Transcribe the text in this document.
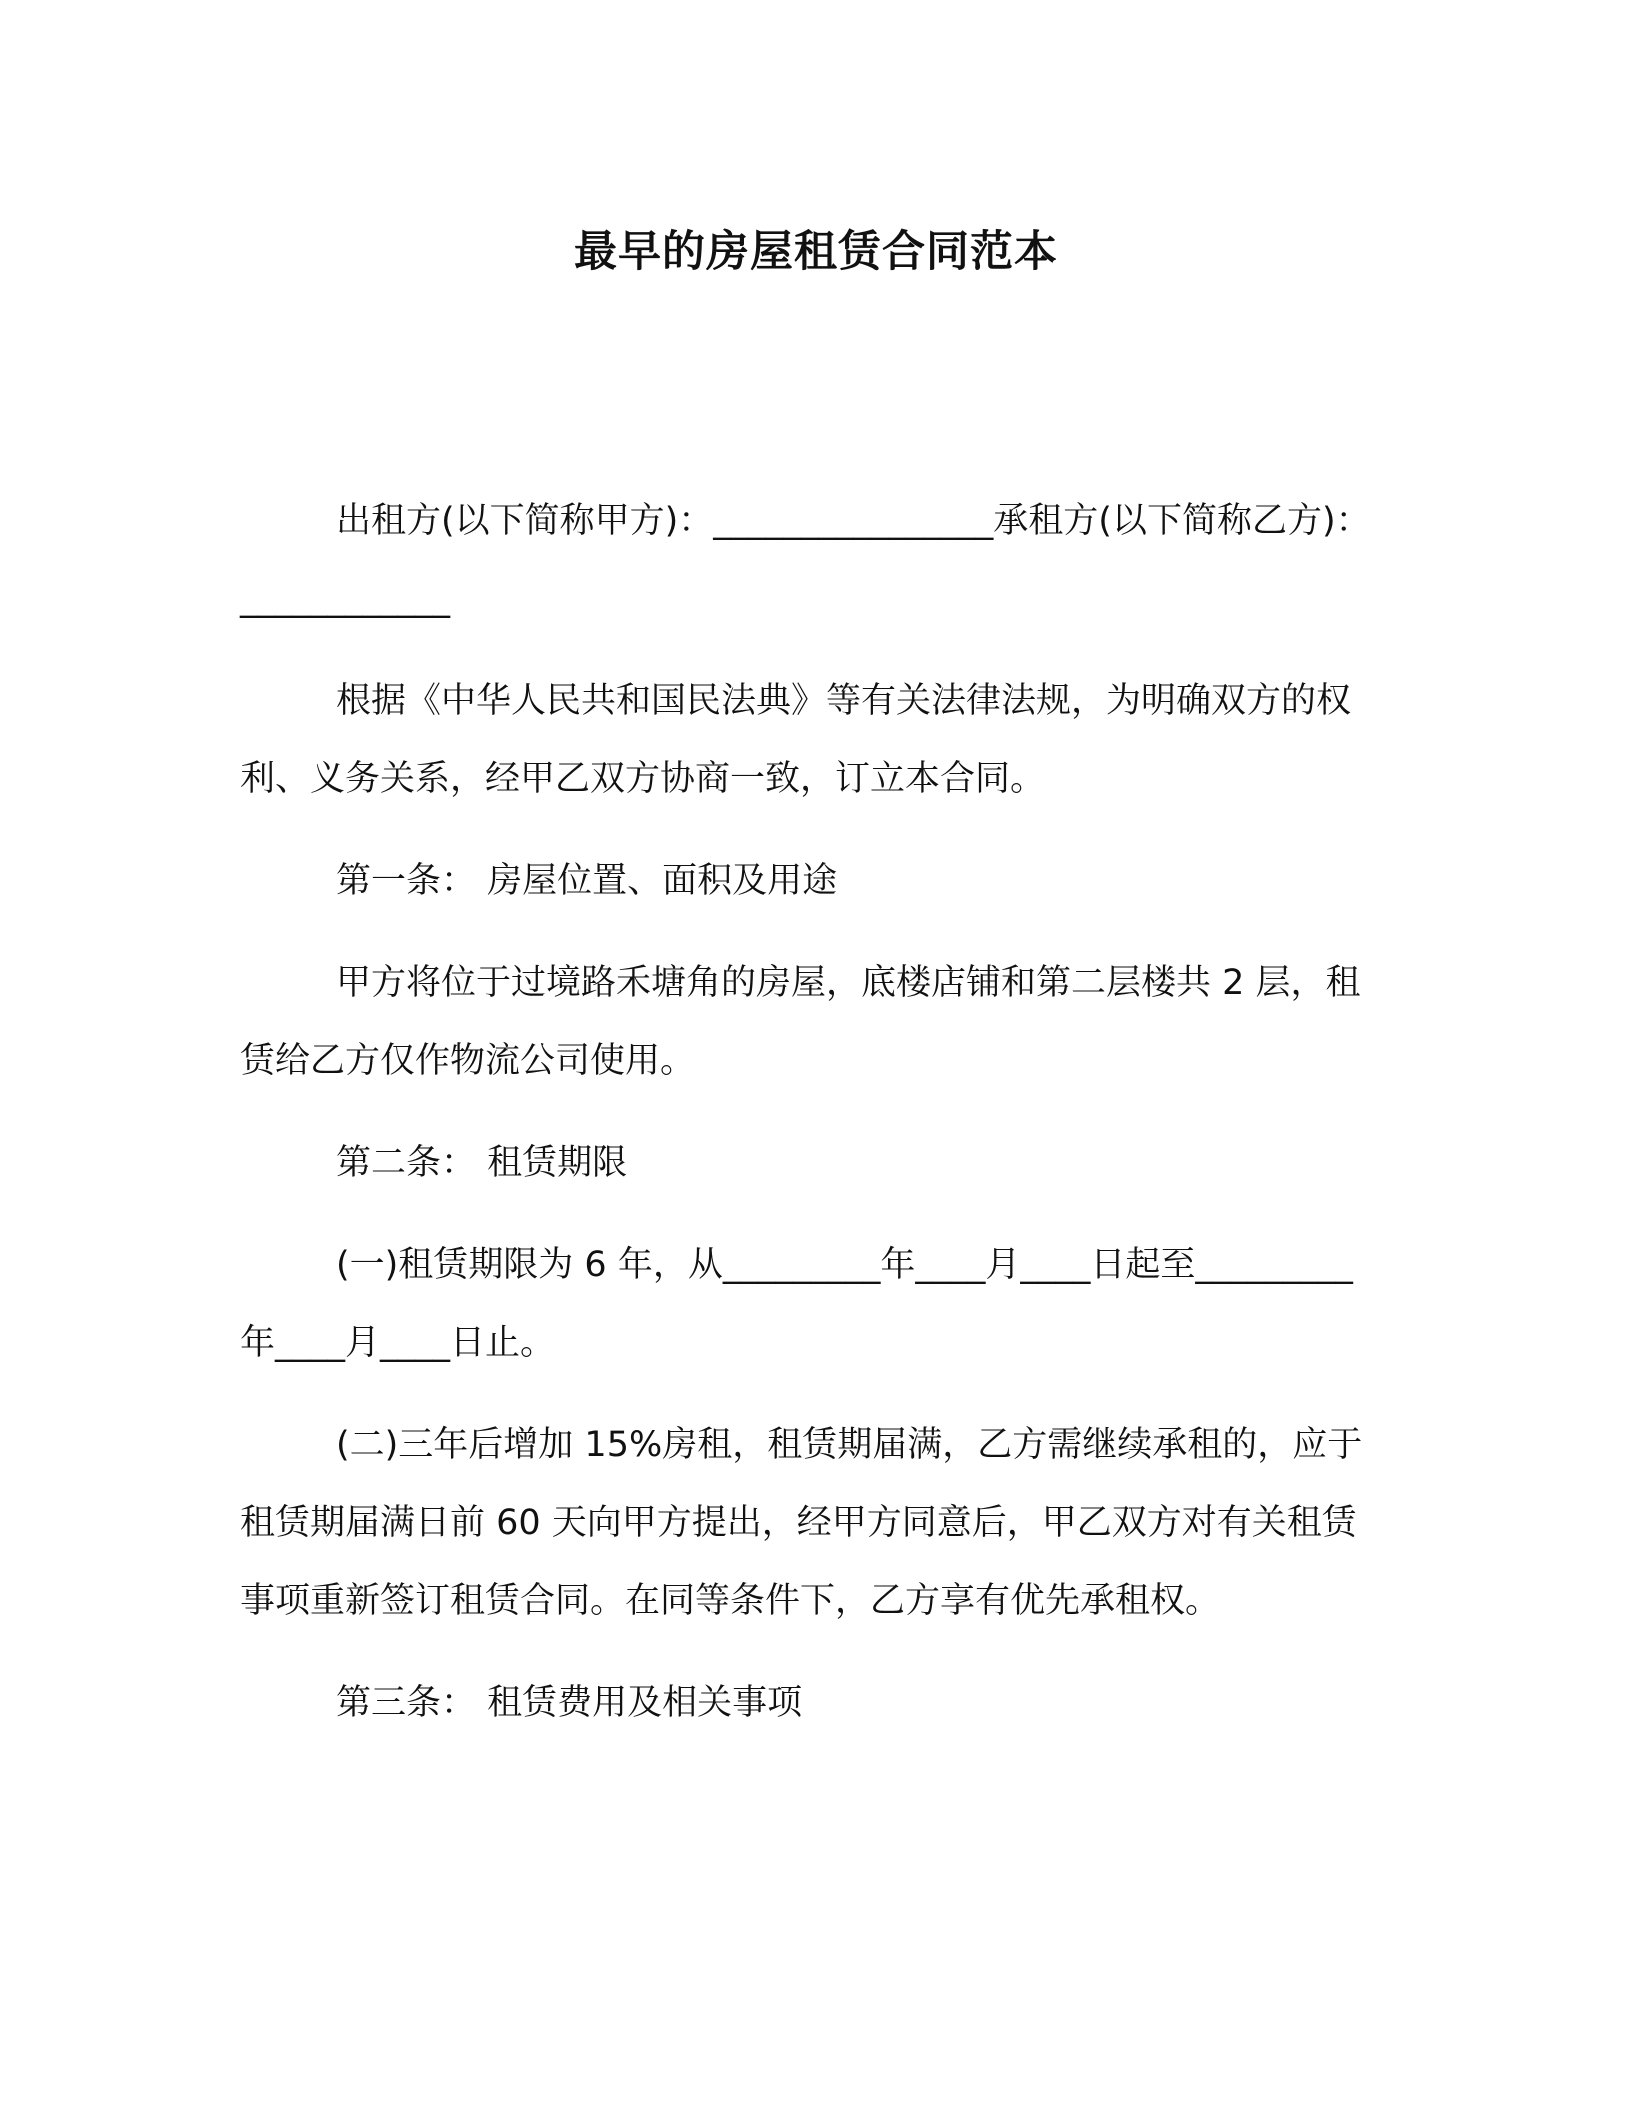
最早的房屋租赁合同范本

出租方(以下简称甲方)：________________承租方(以下简称乙方)：____________

根据《中华人民共和国民法典》等有关法律法规，为明确双方的权利、义务关系，经甲乙双方协商一致，订立本合同。

第一条： 房屋位置、面积及用途

甲方将位于过境路禾塘角的房屋，底楼店铺和第二层楼共 2 层，租赁给乙方仅作物流公司使用。

第二条： 租赁期限

(一)租赁期限为 6 年，从_________年____月____日起至_________年____月____日止。

(二)三年后增加 15%房租，租赁期届满，乙方需继续承租的，应于租赁期届满日前 60 天向甲方提出，经甲方同意后，甲乙双方对有关租赁事项重新签订租赁合同。在同等条件下，乙方享有优先承租权。

第三条： 租赁费用及相关事项
